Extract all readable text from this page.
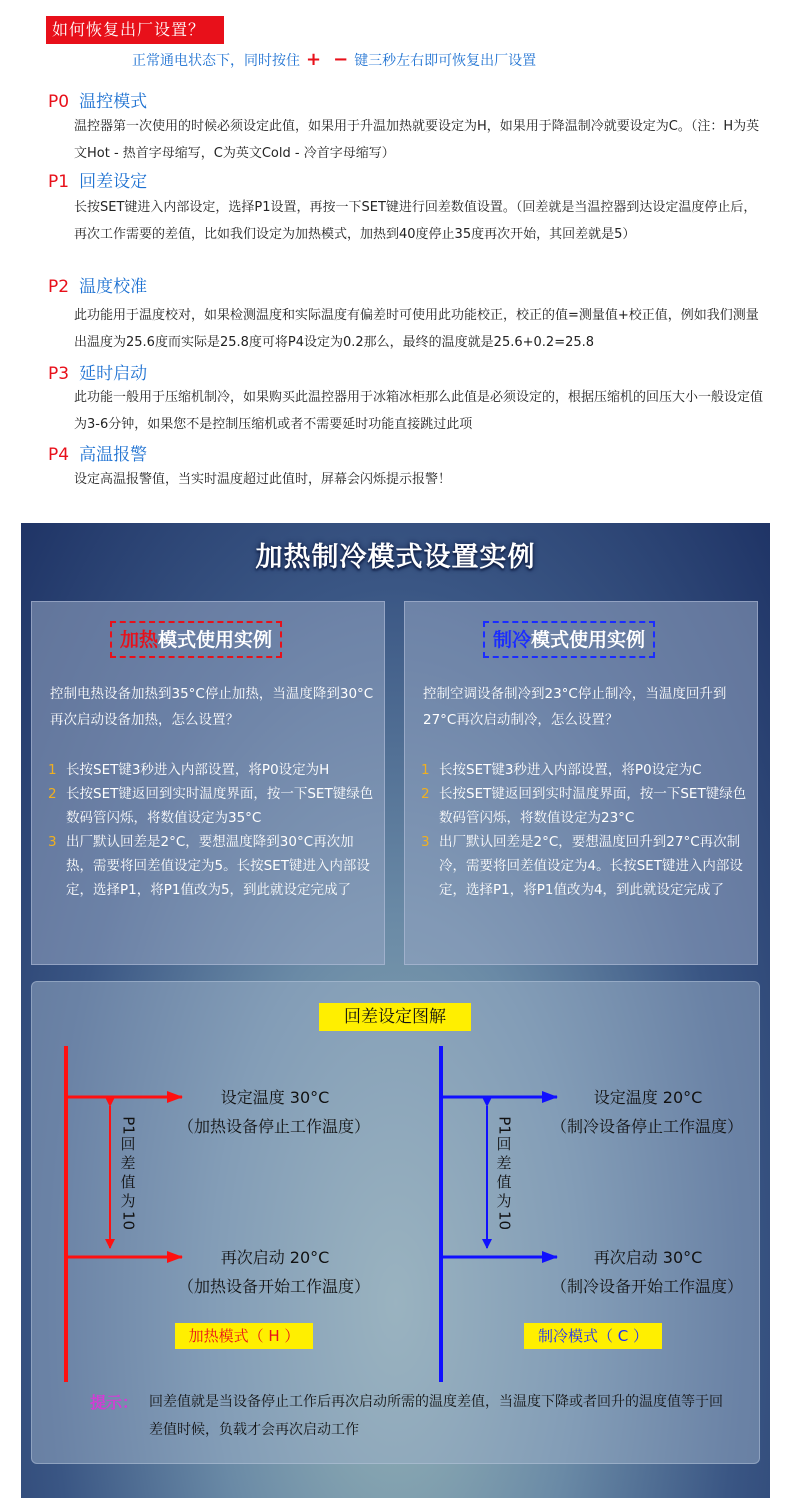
如何恢复出厂设置？
正常通电状态下，同时按住 + − 键三秒左右即可恢复出厂设置
P0 温控模式
温控器第一次使用的时候必须设定此值，如果用于升温加热就要设定为H，如果用于降温制冷就要设定为C。（注：H为英文Hot - 热首字母缩写，C为英文Cold - 冷首字母缩写）
P1 回差设定
长按SET键进入内部设定，选择P1设置，再按一下SET键进行回差数值设置。（回差就是当温控器到达设定温度停止后，再次工作需要的差值，比如我们设定为加热模式，加热到40度停止35度再次开始，其回差就是5）
P2 温度校准
此功能用于温度校对，如果检测温度和实际温度有偏差时可使用此功能校正，校正的值=测量值+校正值，例如我们测量出温度为25.6度而实际是25.8度可将P4设定为0.2那么，最终的温度就是25.6+0.2=25.8
P3 延时启动
此功能一般用于压缩机制冷，如果购买此温控器用于冰箱冰柜那么此值是必须设定的，根据压缩机的回压大小一般设定值为3-6分钟，如果您不是控制压缩机或者不需要延时功能直接跳过此项
P4 高温报警
设定高温报警值，当实时温度超过此值时，屏幕会闪烁提示报警！
加热制冷模式设置实例
加热模式使用实例
控制电热设备加热到35°C停止加热，当温度降到30°C再次启动设备加热，怎么设置？
1 长按SET键3秒进入内部设置，将P0设定为H
2 长按SET键返回到实时温度界面，按一下SET键绿色数码管闪烁，将数值设定为35°C
3 出厂默认回差是2°C，要想温度降到30°C再次加热，需要将回差值设定为5。长按SET键进入内部设定，选择P1，将P1值改为5，到此就设定完成了
制冷模式使用实例
控制空调设备制冷到23°C停止制冷，当温度回升到27°C再次启动制冷，怎么设置？
1 长按SET键3秒进入内部设置，将P0设定为C
2 长按SET键返回到实时温度界面，按一下SET键绿色数码管闪烁，将数值设定为23°C
3 出厂默认回差是2°C，要想温度回升到27°C再次制冷，需要将回差值设定为4。长按SET键进入内部设定，选择P1，将P1值改为4，到此就设定完成了
回差设定图解
设定温度 30°C
（加热设备停止工作温度）
再次启动 20°C
（加热设备开始工作温度）
P1
回
差
值
为
10
加热模式（ H ）
设定温度 20°C
（制冷设备停止工作温度）
再次启动 30°C
（制冷设备开始工作温度）
P1
回
差
值
为
10
制冷模式（ C ）
提示： 回差值就是当设备停止工作后再次启动所需的温度差值，当温度下降或者回升的温度值等于回差值时候，负载才会再次启动工作
